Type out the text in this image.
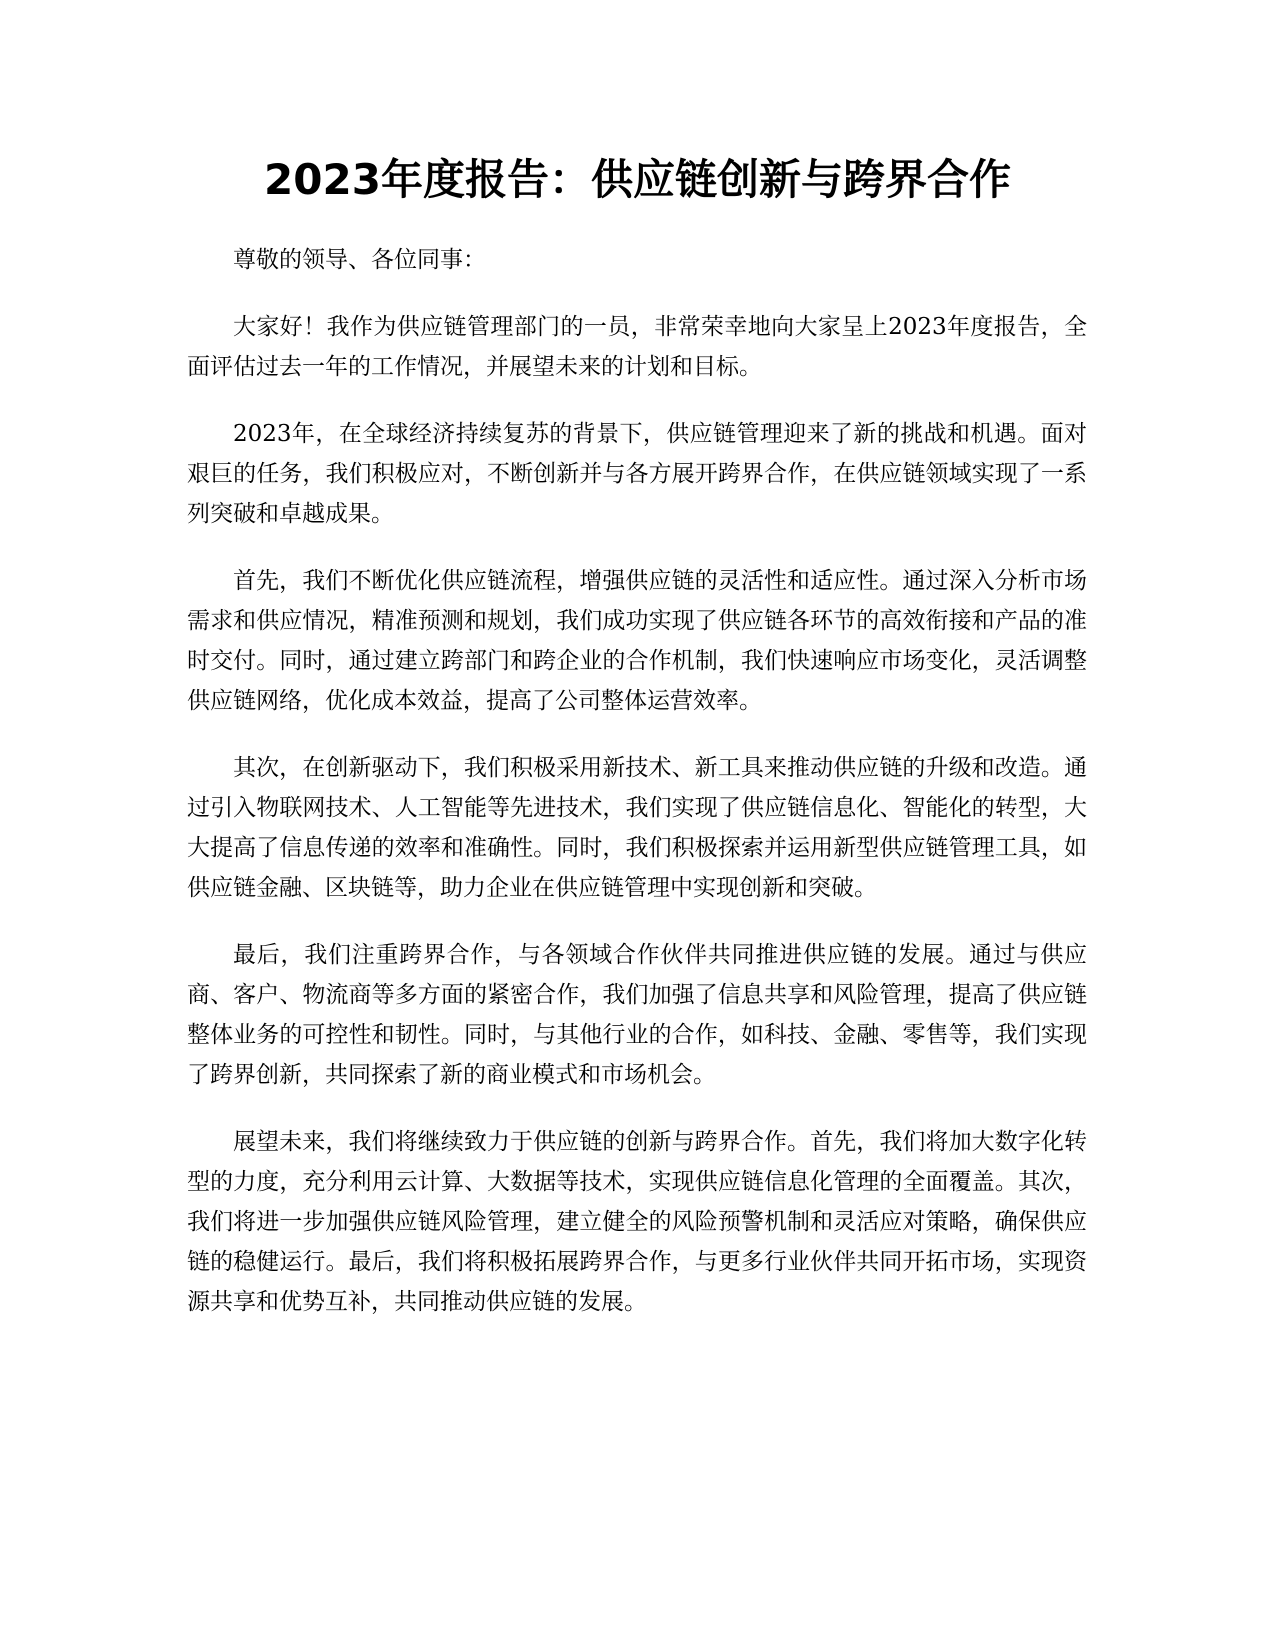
2023年度报告：供应链创新与跨界合作

尊敬的领导、各位同事：

大家好！我作为供应链管理部门的一员，非常荣幸地向大家呈上2023年度报告，全面评估过去一年的工作情况，并展望未来的计划和目标。

2023年，在全球经济持续复苏的背景下，供应链管理迎来了新的挑战和机遇。面对艰巨的任务，我们积极应对，不断创新并与各方展开跨界合作，在供应链领域实现了一系列突破和卓越成果。

首先，我们不断优化供应链流程，增强供应链的灵活性和适应性。通过深入分析市场需求和供应情况，精准预测和规划，我们成功实现了供应链各环节的高效衔接和产品的准时交付。同时，通过建立跨部门和跨企业的合作机制，我们快速响应市场变化，灵活调整供应链网络，优化成本效益，提高了公司整体运营效率。

其次，在创新驱动下，我们积极采用新技术、新工具来推动供应链的升级和改造。通过引入物联网技术、人工智能等先进技术，我们实现了供应链信息化、智能化的转型，大大提高了信息传递的效率和准确性。同时，我们积极探索并运用新型供应链管理工具，如供应链金融、区块链等，助力企业在供应链管理中实现创新和突破。

最后，我们注重跨界合作，与各领域合作伙伴共同推进供应链的发展。通过与供应商、客户、物流商等多方面的紧密合作，我们加强了信息共享和风险管理，提高了供应链整体业务的可控性和韧性。同时，与其他行业的合作，如科技、金融、零售等，我们实现了跨界创新，共同探索了新的商业模式和市场机会。

展望未来，我们将继续致力于供应链的创新与跨界合作。首先，我们将加大数字化转型的力度，充分利用云计算、大数据等技术，实现供应链信息化管理的全面覆盖。其次，我们将进一步加强供应链风险管理，建立健全的风险预警机制和灵活应对策略，确保供应链的稳健运行。最后，我们将积极拓展跨界合作，与更多行业伙伴共同开拓市场，实现资源共享和优势互补，共同推动供应链的发展。
